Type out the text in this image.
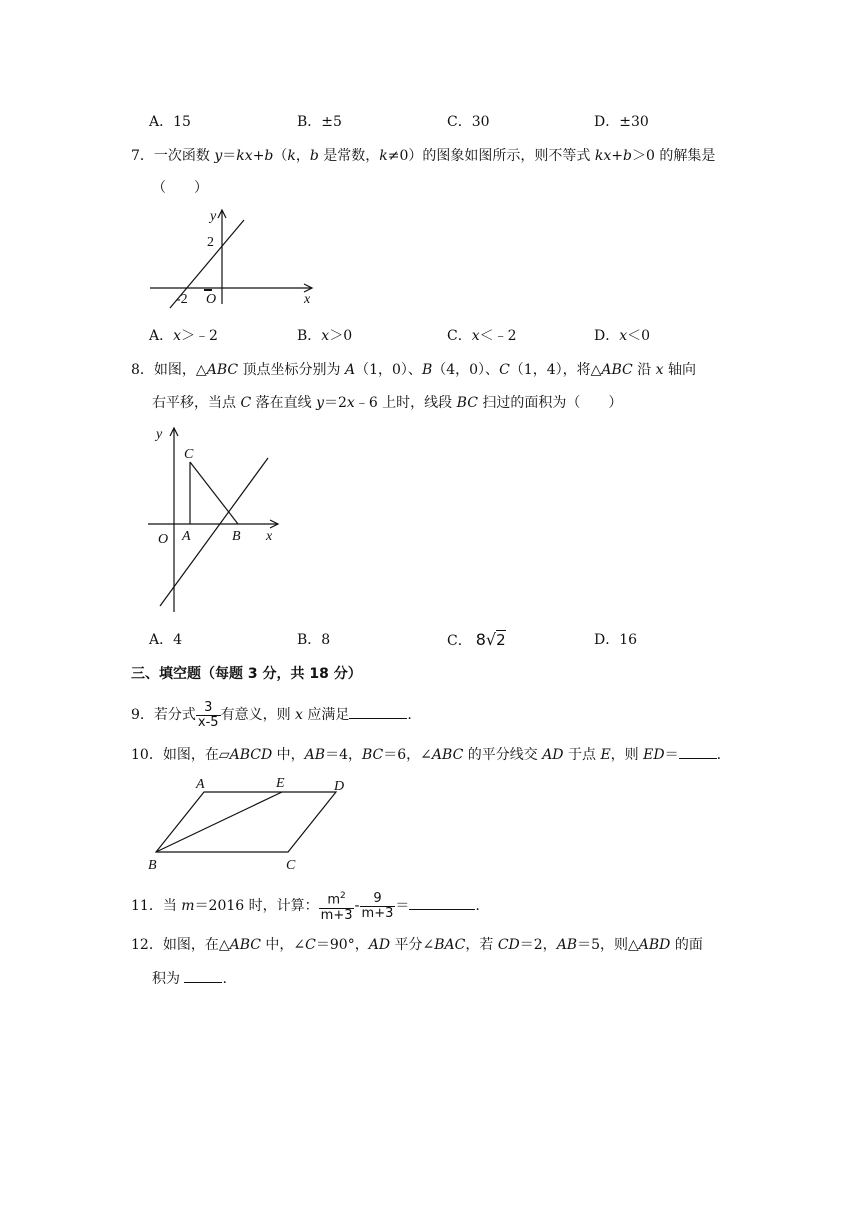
A．15	B．±5	C．30	D．±30
7．一次函数 y＝kx+b（k，b 是常数，k≠0）的图象如图所示，则不等式 kx+b＞0 的解集是
（　　）
y
2
-2 O	x
A．x＞﹣2	B．x＞0	C．x＜﹣2	D．x＜0
8．如图，△ABC 顶点坐标分别为 A（1，0）、B（4，0）、C（1，4），将△ABC 沿 x 轴向
右平移，当点 C 落在直线 y＝2x﹣6 上时，线段 BC 扫过的面积为（　　）
y
C
O A	B x
A．4	B．8	C． 8√2	D．16
三、填空题（每题 3 分，共 18 分）
9．若分式 $\frac{3}{x-5}$ 有意义，则 x 应满足	.
10．如图，在▱ABCD 中，AB＝4，BC＝6，∠ABC 的平分线交 AD 于点 E，则 ED＝	.
A	E	D
B	C
11．当 m＝2016 时，计算： $\frac{m^2}{m+3} - \frac{9}{m+3}$ ＝	.
12．如图，在△ABC 中，∠C＝90°，AD 平分∠BAC，若 CD＝2，AB＝5，则△ABD 的面
积为	.
